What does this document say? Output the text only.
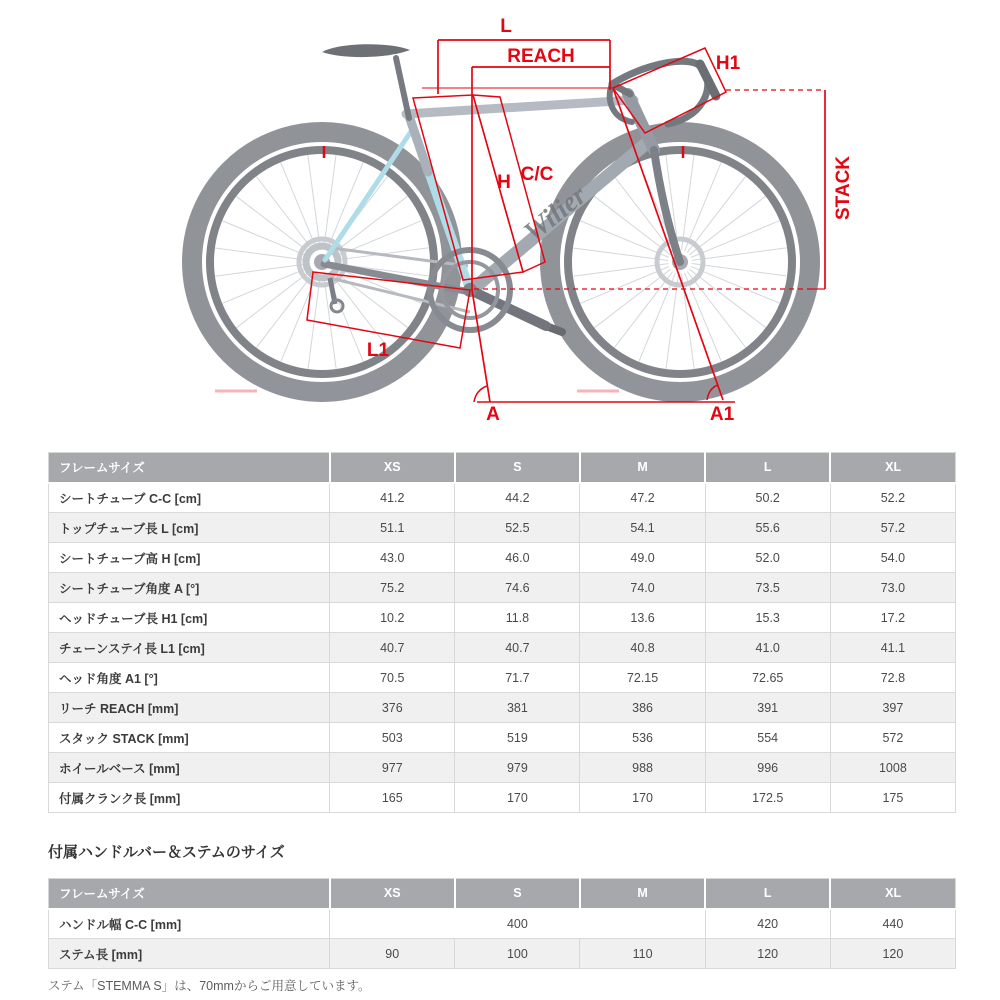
Wilier
L
REACH	H1
C/C
H	STACK
L1
A	A1
フレームサイズ	XS	S	M	L	XL
シートチューブ C-C [cm]	41.2	44.2	47.2	50.2	52.2
トップチューブ長 L [cm]	51.1	52.5	54.1	55.6	57.2
シートチューブ高 H [cm]	43.0	46.0	49.0	52.0	54.0
シートチューブ角度 A [°]	75.2	74.6	74.0	73.5	73.0
ヘッドチューブ長 H1 [cm]	10.2	11.8	13.6	15.3	17.2
チェーンステイ長 L1 [cm]	40.7	40.7	40.8	41.0	41.1
ヘッド角度 A1 [°]	70.5	71.7	72.15	72.65	72.8
リーチ REACH [mm]	376	381	386	391	397
スタック STACK [mm]	503	519	536	554	572
ホイールベース [mm]	977	979	988	996	1008
付属クランク長 [mm]	165	170	170	172.5	175

付属ハンドルバー＆ステムのサイズ

フレームサイズ	XS	S	M	L	XL
ハンドル幅 C-C [mm]	400			420	440
ステム長 [mm]	90	100	110	120	120

ステム「STEMMA S」は、70mmからご用意しています。
